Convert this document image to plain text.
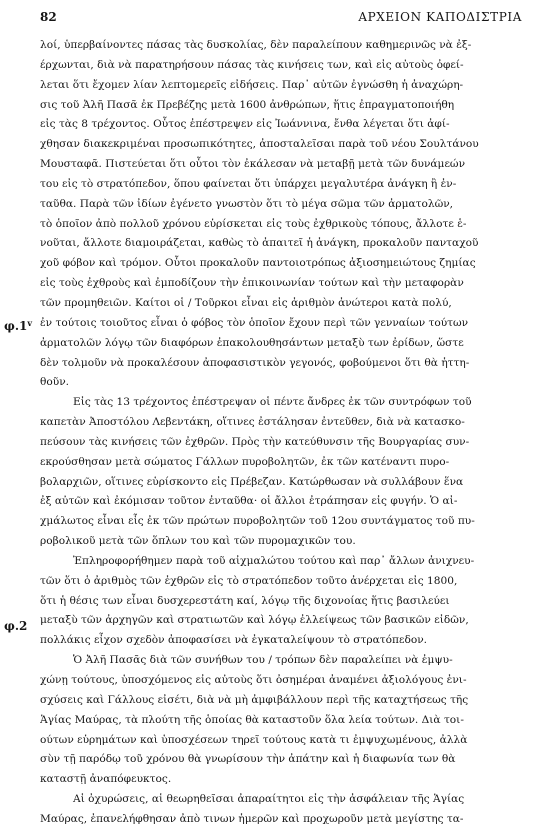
82	ΑΡΧΕΙΟΝ ΚΑΠΟΔΙΣΤΡΙΑ
φ.1$^v$
φ.2
λοί, ὑπερβαίνοντες πάσας τὰς δυσκολίας, δὲν παραλείπουν καθημερινῶς νὰ ἐξ-
έρχωνται, διὰ νὰ παρατηρήσουν πάσας τὰς κινήσεις των, καὶ εἰς αὐτοὺς ὀφεί-
λεται ὅτι ἔχομεν λίαν λεπτομερεῖς εἰδήσεις. Παρ᾽ αὐτῶν ἐγνώσθη ἡ ἀναχώρη-
σις τοῦ Ἀλῆ Πασᾶ ἐκ Πρεβέζης μετὰ 1600 ἀνθρώπων, ἥτις ἐπραγματοποιήθη
εἰς τὰς 8 τρέχοντος. Οὗτος ἐπέστρεψεν εἰς Ἰωάννινα, ἔνθα λέγεται ὅτι ἀφί-
χθησαν διακεκριμέναι προσωπικότητες, ἀποσταλεῖσαι παρὰ τοῦ νέου Σουλτάνου
Μουσταφᾶ. Πιστεύεται ὅτι οὗτοι τὸν ἐκάλεσαν νὰ μεταβῇ μετὰ τῶν δυνάμεών
του εἰς τὸ στρατόπεδον, ὅπου φαίνεται ὅτι ὑπάρχει μεγαλυτέρα ἀνάγκη ἢ ἐν-
ταῦθα. Παρὰ τῶν ἰδίων ἐγένετο γνωστὸν ὅτι τὸ μέγα σῶμα τῶν ἀρματολῶν,
τὸ ὁποῖον ἀπὸ πολλοῦ χρόνου εὑρίσκεται εἰς τοὺς ἐχθρικοὺς τόπους, ἄλλοτε ἑ-
νοῦται, ἄλλοτε διαμοιράζεται, καθὼς τὸ ἀπαιτεῖ ἡ ἀνάγκη, προκαλοῦν πανταχοῦ
χοῦ φόβον καὶ τρόμον. Οὗτοι προκαλοῦν παντοιοτρόπως ἀξιοσημειώτους ζημίας
εἰς τοὺς ἐχθροὺς καὶ ἐμποδίζουν τὴν ἐπικοινωνίαν τούτων καὶ τὴν μεταφορὰν
τῶν προμηθειῶν. Καίτοι οἱ / Τοῦρκοι εἶναι εἰς ἀριθμὸν ἀνώτεροι κατὰ πολύ,
ἐν τούτοις τοιοῦτος εἶναι ὁ φόβος τὸν ὁποῖον ἔχουν περὶ τῶν γενναίων τούτων
ἀρματολῶν λόγῳ τῶν διαφόρων ἐπακολουθησάντων μεταξὺ των ἐρίδων, ὥστε
δὲν τολμοῦν νὰ προκαλέσουν ἀποφασιστικὸν γεγονός, φοβούμενοι ὅτι θὰ ἡττη-
θοῦν.
Εἰς τὰς 13 τρέχοντος ἐπέστρεψαν οἱ πέντε ἄνδρες ἐκ τῶν συντρόφων τοῦ
καπετὰν Ἀποστόλου Λεβεντάκη, οἵτινες ἐστάλησαν ἐντεῦθεν, διὰ νὰ κατασκο-
πεύσουν τὰς κινήσεις τῶν ἐχθρῶν. Πρὸς τὴν κατεύθυνσιν τῆς Βουργαρίας συν-
εκρούσθησαν μετὰ σώματος Γάλλων πυροβολητῶν, ἐκ τῶν κατέναντι πυρο-
βολαρχιῶν, οἵτινες εὑρίσκοντο εἰς Πρέβεζαν. Κατώρθωσαν νὰ συλλάβουν ἕνα
ἐξ αὐτῶν καὶ ἐκόμισαν τοῦτον ἐνταῦθα· οἱ ἄλλοι ἐτράπησαν εἰς φυγήν. Ὁ αἰ-
χμάλωτος εἶναι εἷς ἐκ τῶν πρώτων πυροβολητῶν τοῦ 12ου συντάγματος τοῦ πυ-
ροβολικοῦ μετὰ τῶν ὅπλων του καὶ τῶν πυρομαχικῶν του.
Ἐπληροφορήθημεν παρὰ τοῦ αἰχμαλώτου τούτου καὶ παρ᾽ ἄλλων ἀνιχνευ-
τῶν ὅτι ὁ ἀριθμὸς τῶν ἐχθρῶν εἰς τὸ στρατόπεδον τοῦτο ἀνέρχεται εἰς 1800,
ὅτι ἡ θέσις των εἶναι δυσχερεστάτη καί, λόγῳ τῆς διχονοίας ἥτις βασιλεύει
μεταξὺ τῶν ἀρχηγῶν καὶ στρατιωτῶν καὶ λόγῳ ἐλλείψεως τῶν βασικῶν εἰδῶν,
πολλάκις εἶχον σχεδὸν ἀποφασίσει νὰ ἐγκαταλείψουν τὸ στρατόπεδον.
Ὁ Ἀλῆ Πασᾶς διὰ τῶν συνήθων του / τρόπων δὲν παραλείπει νὰ ἐμψυ-
χώνῃ τούτους, ὑποσχόμενος εἰς αὐτοὺς ὅτι ὀσημέραι ἀναμένει ἀξιολόγους ἐνι-
σχύσεις καὶ Γάλλους εἰσέτι, διὰ νὰ μὴ ἀμφιβάλλουν περὶ τῆς καταχτήσεως τῆς
Ἁγίας Μαύρας, τὰ πλούτη τῆς ὁποίας θὰ καταστοῦν ὅλα λεία τούτων. Διὰ τοι-
ούτων εὑρημάτων καὶ ὑποσχέσεων τηρεῖ τούτους κατὰ τι ἐμψυχωμένους, ἀλλὰ
σὺν τῇ παρόδῳ τοῦ χρόνου θὰ γνωρίσουν τὴν ἀπάτην καὶ ἡ διαφωνία των θὰ
καταστῇ ἀναπόφευκτος.
Αἱ ὀχυρώσεις, αἱ θεωρηθεῖσαι ἀπαραίτητοι εἰς τὴν ἀσφάλειαν τῆς Ἁγίας
Μαύρας, ἐπανελήφθησαν ἀπὸ τινων ἡμερῶν καὶ προχωροῦν μετὰ μεγίστης τα-
